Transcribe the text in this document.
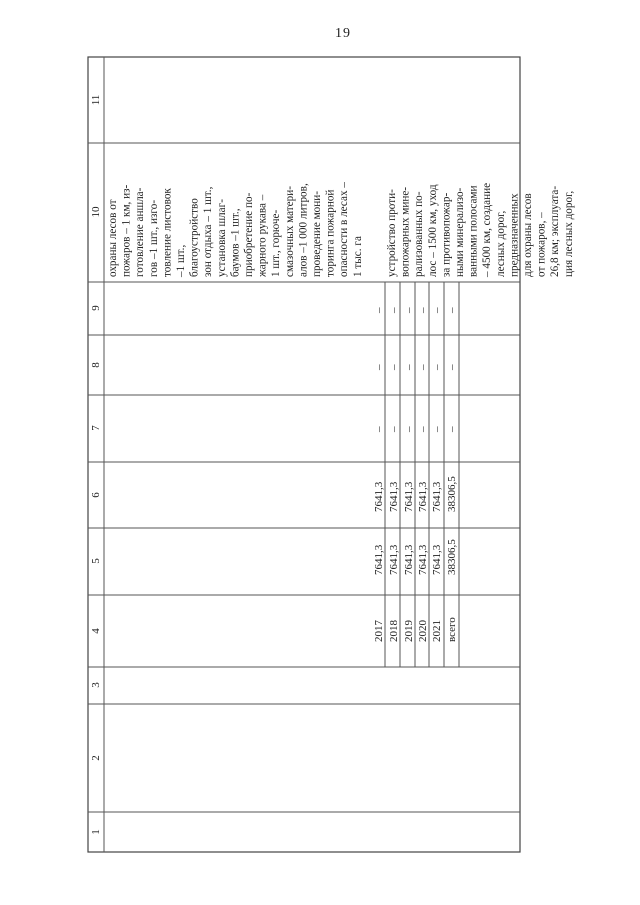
19
1
2
3
4
5
6
7
8
9
10
11
охраны лесов от пожаров – 1 км, из- готовление аншла- гов –1 шт., изго- товление листовок –1 шт., благоустройство зон отдыха – 1 шт., установка шлаг- баумов –1 шт., приобретение по- жарного рукава – 1 шт., горюче- смазочных матери- алов –1 000 литров, проведение мони- торинга пожарной опасности в лесах – 1 тыс. га устройство проти- вопожарных мине- рализованных по- лос – 1500 км, уход за противопожар- ными минерализо- ванными полосами – 4500 км, создание лесных дорог, предназначенных для охраны лесов от пожаров, – 26,8 км; эксплуата- ция лесных дорог,
2017
7641,3
7641,3
–
–
–
2018
7641,3
7641,3
–
–
–
2019
7641,3
7641,3
–
–
–
2020
7641,3
7641,3
–
–
–
2021
7641,3
7641,3
–
–
–
всего
38306,5
38306,5
–
–
–
